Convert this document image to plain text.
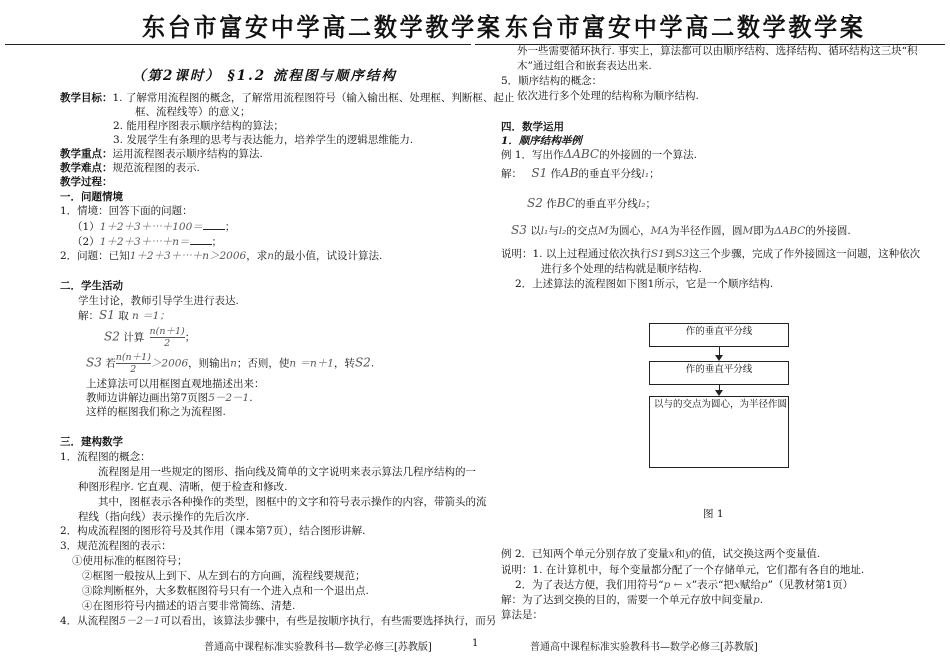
东台市富安中学高二数学教学案
（第2课时） §1.2 流程图与顺序结构
教学目标：1. 了解常用流程图的概念，了解常用流程图符号（输入输出框、处理框、判断框、起止
框、流程线等）的意义；
2. 能用程序图表示顺序结构的算法；
3. 发展学生有条理的思考与表达能力，培养学生的逻辑思维能力.
教学重点：运用流程图表示顺序结构的算法.
教学难点：规范流程图的表示.
教学过程：
一．问题情境
1．情境：回答下面的问题：
（1）1＋2＋3＋⋯＋100＝ ；
（2）1＋2＋3＋⋯＋n＝ ；
2．问题：已知1＋2＋3＋⋯＋n＞2006，求n的最小值，试设计算法.
二．学生活动
学生讨论，教师引导学生进行表达.
解：S1 取 n ＝1；
S2 计算 $\frac{n(n+1)}{2}$ ；
S3 若 $\frac{n(n+1)}{2} >2006$，则输出n；否则，使n ＝n＋1，转S2.
上述算法可以用框图直观地描述出来：
教师边讲解边画出第7页图5－2－1.
这样的框图我们称之为流程图.
三．建构数学
1．流程图的概念：
流程图是用一些规定的图形、指向线及简单的文字说明来表示算法几程序结构的一
种图形程序. 它直观、清晰，便于检查和修改.
其中，图框表示各种操作的类型，图框中的文字和符号表示操作的内容，带箭头的流
程线（指向线）表示操作的先后次序.
2．构成流程图的图形符号及其作用（课本第7页），结合图形讲解.
3．规范流程图的表示：
①使用标准的框图符号；
②框图一般按从上到下、从左到右的方向画，流程线要规范；
③除判断框外，大多数框图符号只有一个进入点和一个退出点.
④在图形符号内描述的语言要非常简练、清楚.
4．从流程图5－2－1可以看出，该算法步骤中，有些是按顺序执行，有些需要选择执行，而另
普通高中课程标准实验教科书—数学必修三[苏教版]	1
东台市富安中学高二数学教学案
外一些需要循环执行. 事实上，算法都可以由顺序结构、选择结构、循环结构这三块“积
木”通过组合和嵌套表达出来.
5．顺序结构的概念：
依次进行多个处理的结构称为顺序结构.
四．数学运用
1．顺序结构举例
例 1．写出作ΔABC的外接圆的一个算法.
解： S1 作AB的垂直平分线l₁；
S2 作BC的垂直平分线l₂；
S3 以l₁与l₂的交点M为圆心，MA为半径作圆，圆M即为ΔABC的外接圆.
说明：1. 以上过程通过依次执行S1到S3这三个步骤，完成了作外接圆这一问题，这种依次
进行多个处理的结构就是顺序结构.
2．上述算法的流程图如下图1所示，它是一个顺序结构.
作的垂直平分线
作的垂直平分线
以与的交点为圆心，为半径作圆
图 1
例 2．已知两个单元分别存放了变量x和y的值，试交换这两个变量值.
说明：1. 在计算机中，每个变量都分配了一个存储单元，它们都有各自的地址.
2．为了表达方便，我们用符号“p ← x”表示“把x赋给p”（见教材第1页）
解：为了达到交换的目的，需要一个单元存放中间变量p.
算法是：
普通高中课程标准实验教科书—数学必修三[苏教版]
